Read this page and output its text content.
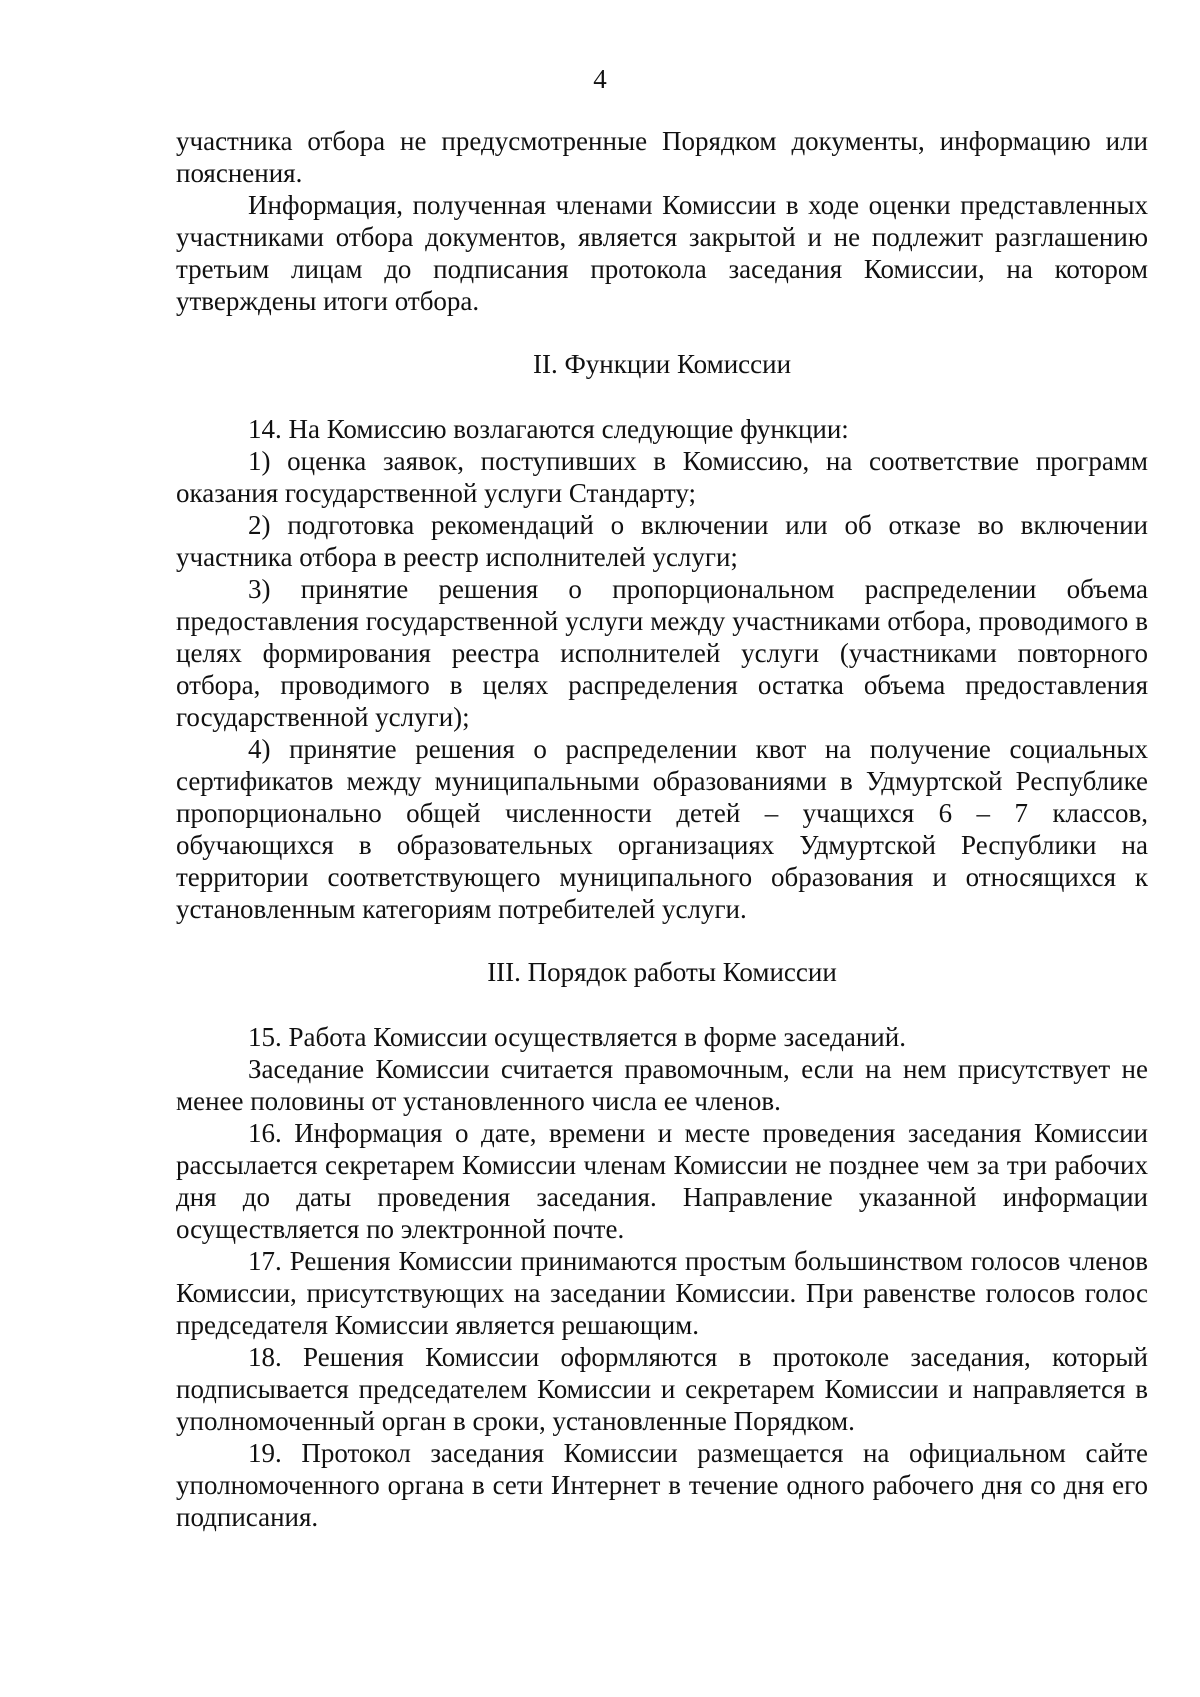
4

участника отбора не предусмотренные Порядком документы, информацию или пояснения.

Информация, полученная членами Комиссии в ходе оценки представленных участниками отбора документов, является закрытой и не подлежит разглашению третьим лицам до подписания протокола заседания Комиссии, на котором утверждены итоги отбора.

II. Функции Комиссии

14. На Комиссию возлагаются следующие функции:

1) оценка заявок, поступивших в Комиссию, на соответствие программ оказания государственной услуги Стандарту;

2) подготовка рекомендаций о включении или об отказе во включении участника отбора в реестр исполнителей услуги;

3) принятие решения о пропорциональном распределении объема предоставления государственной услуги между участниками отбора, проводимого в целях формирования реестра исполнителей услуги (участниками повторного отбора, проводимого в целях распределения остатка объема предоставления государственной услуги);

4) принятие решения о распределении квот на получение социальных сертификатов между муниципальными образованиями в Удмуртской Республике пропорционально общей численности детей – учащихся 6 – 7 классов, обучающихся в образовательных организациях Удмуртской Республики на территории соответствующего муниципального образования и относящихся к установленным категориям потребителей услуги.

III. Порядок работы Комиссии

15. Работа Комиссии осуществляется в форме заседаний.

Заседание Комиссии считается правомочным, если на нем присутствует не менее половины от установленного числа ее членов.

16. Информация о дате, времени и месте проведения заседания Комиссии рассылается секретарем Комиссии членам Комиссии не позднее чем за три рабочих дня до даты проведения заседания. Направление указанной информации осуществляется по электронной почте.

17. Решения Комиссии принимаются простым большинством голосов членов Комиссии, присутствующих на заседании Комиссии. При равенстве голосов голос председателя Комиссии является решающим.

18. Решения Комиссии оформляются в протоколе заседания, который подписывается председателем Комиссии и секретарем Комиссии и направляется в уполномоченный орган в сроки, установленные Порядком.

19. Протокол заседания Комиссии размещается на официальном сайте уполномоченного органа в сети Интернет в течение одного рабочего дня со дня его подписания.
